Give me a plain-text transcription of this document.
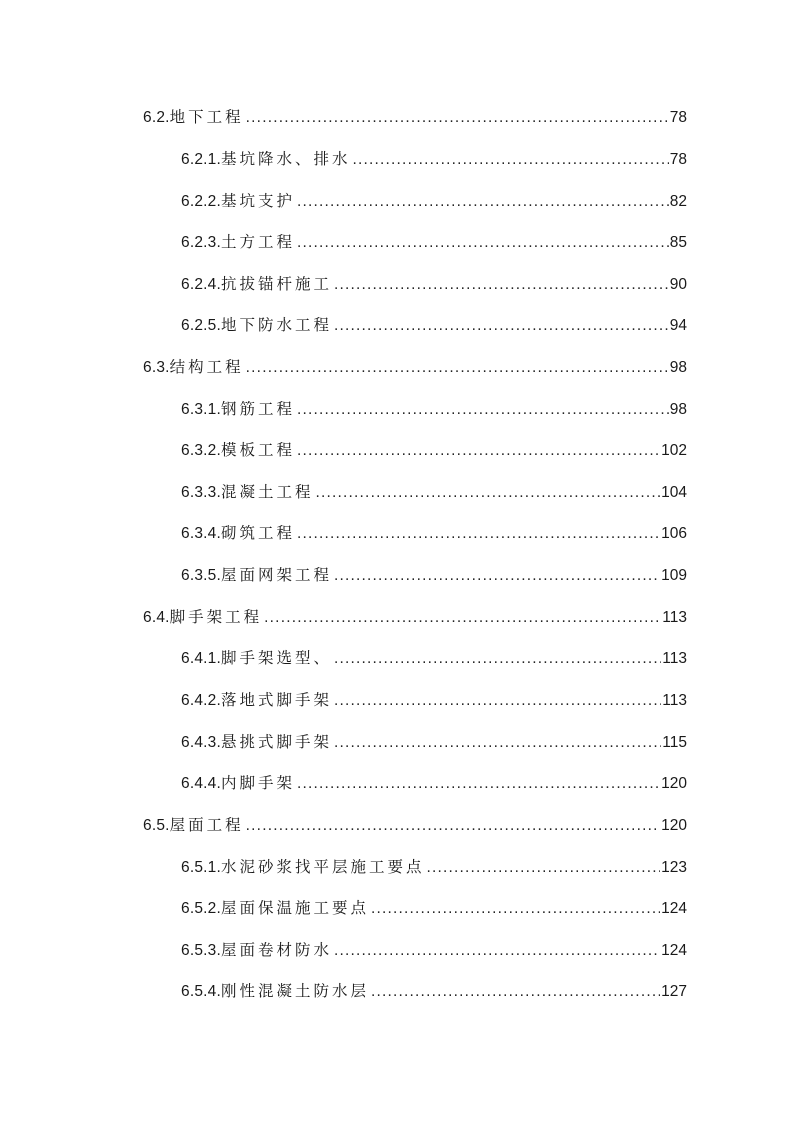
6.2. 地下工程 .....	78
6.2.1. 基坑降水、排水 .....	78
6.2.2. 基坑支护 .....	82
6.2.3. 土方工程 .....	85
6.2.4. 抗拔锚杆施工 .....	90
6.2.5. 地下防水工程 .....	94
6.3. 结构工程 .....	98
6.3.1. 钢筋工程 .....	98
6.3.2. 模板工程 .....	102
6.3.3. 混凝土工程 .....	104
6.3.4. 砌筑工程 .....	106
6.3.5. 屋面网架工程 .....	109
6.4. 脚手架工程 .....	113
6.4.1. 脚手架选型、 .....	113
6.4.2. 落地式脚手架 .....	113
6.4.3. 悬挑式脚手架 .....	115
6.4.4. 内脚手架 .....	120
6.5. 屋面工程 .....	120
6.5.1. 水泥砂浆找平层施工要点 .....	123
6.5.2. 屋面保温施工要点 .....	124
6.5.3. 屋面卷材防水 .....	124
6.5.4. 刚性混凝土防水层 .....	127
